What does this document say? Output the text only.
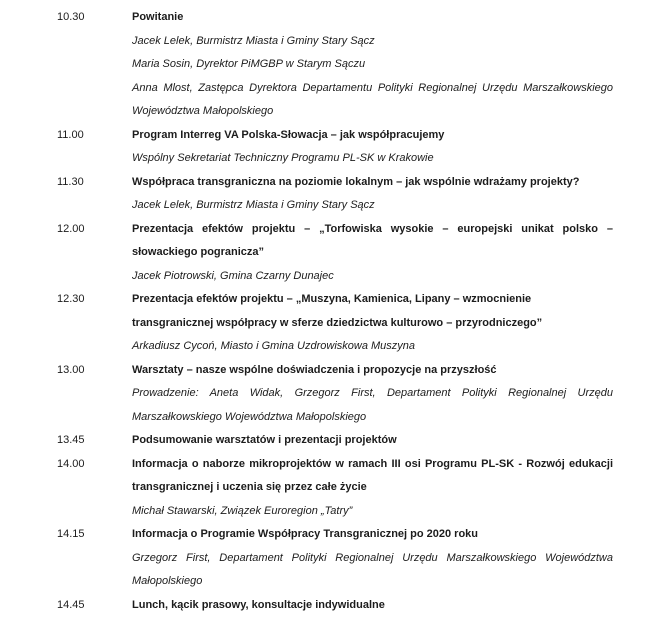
10.30	Powitanie

Jacek Lelek, Burmistrz Miasta i Gminy Stary Sącz

Maria Sosin, Dyrektor PiMGBP w Starym Sączu

Anna Mlost, Zastępca Dyrektora Departamentu Polityki Regionalnej Urzędu Marszałkowskiego Województwa Małopolskiego

11.00	Program Interreg VA Polska-Słowacja – jak współpracujemy

Wspólny Sekretariat Techniczny Programu PL-SK w Krakowie

11.30	Współpraca transgraniczna na poziomie lokalnym – jak wspólnie wdrażamy projekty?

Jacek Lelek, Burmistrz Miasta i Gminy Stary Sącz

12.00	Prezentacja efektów projektu – „Torfowiska wysokie – europejski unikat polsko – słowackiego pogranicza”

Jacek Piotrowski, Gmina Czarny Dunajec

12.30	Prezentacja efektów projektu – „Muszyna, Kamienica, Lipany – wzmocnienie transgranicznej współpracy w sferze dziedzictwa kulturowo – przyrodniczego”

Arkadiusz Cycoń, Miasto i Gmina Uzdrowiskowa Muszyna

13.00	Warsztaty – nasze wspólne doświadczenia i propozycje na przyszłość

Prowadzenie: Aneta Widak, Grzegorz First, Departament Polityki Regionalnej Urzędu Marszałkowskiego Województwa Małopolskiego

13.45	Podsumowanie warsztatów i prezentacji projektów

14.00	Informacja o naborze mikroprojektów w ramach III osi Programu PL-SK - Rozwój edukacji transgranicznej i uczenia się przez całe życie

Michał Stawarski, Związek Euroregion „Tatry”

14.15	Informacja o Programie Współpracy Transgranicznej po 2020 roku

Grzegorz First, Departament Polityki Regionalnej Urzędu Marszałkowskiego Województwa Małopolskiego

14.45	Lunch, kącik prasowy, konsultacje indywidualne
